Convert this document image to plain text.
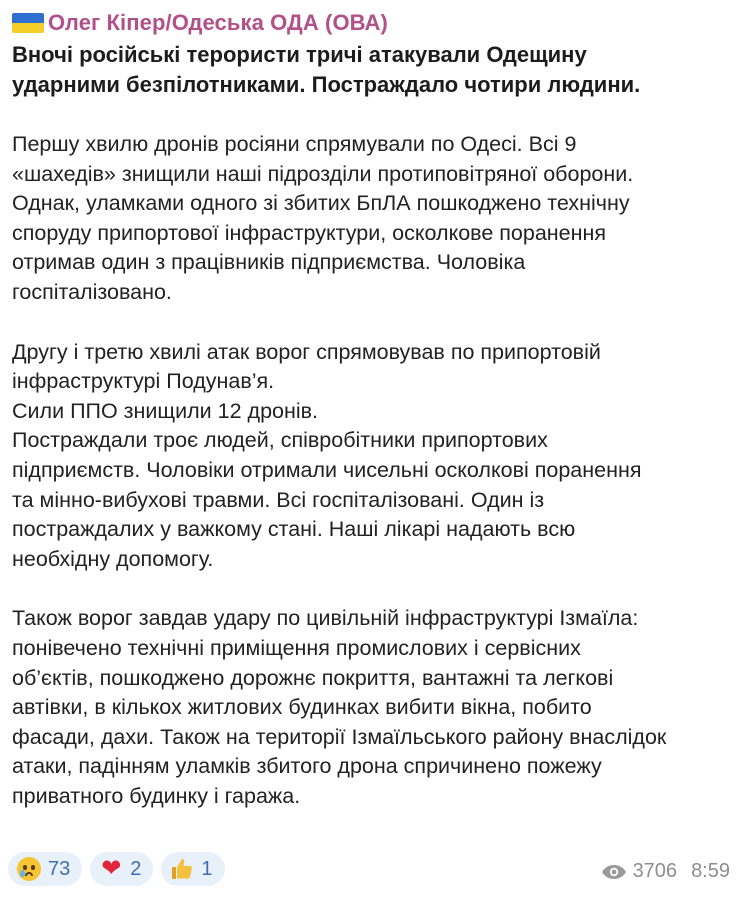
Олег Кіпер/Одеська ОДА (ОВА)
Вночі російські терористи тричі атакували Одещину
ударними безпілотниками. Постраждало чотири людини.
Першу хвилю дронів росіяни спрямували по Одесі. Всі 9
«шахедів» знищили наші підрозділи протиповітряної оборони.
Однак, уламками одного зі збитих БпЛА пошкоджено технічну
споруду припортової інфраструктури, осколкове поранення
отримав один з працівників підприємства. Чоловіка
госпіталізовано.
Другу і третю хвилі атак ворог спрямовував по припортовій
інфраструктурі Подунав’я.
Сили ППО знищили 12 дронів.
Постраждали троє людей, співробітники припортових
підприємств. Чоловіки отримали чисельні осколкові поранення
та мінно-вибухові травми. Всі госпіталізовані. Один із
постраждалих у важкому стані. Наші лікарі надають всю
необхідну допомогу.
Також ворог завдав удару по цивільній інфраструктурі Ізмаїла:
понівечено технічні приміщення промислових і сервісних
об’єктів, пошкоджено дорожнє покриття, вантажні та легкові
автівки, в кількох житлових будинках вибити вікна, побито
фасади, дахи. Також на території Ізмаїльського району внаслідок
атаки, падінням уламків збитого дрона спричинено пожежу
приватного будинку і гаража.
73 ❤ 2	1	3706 8:59
